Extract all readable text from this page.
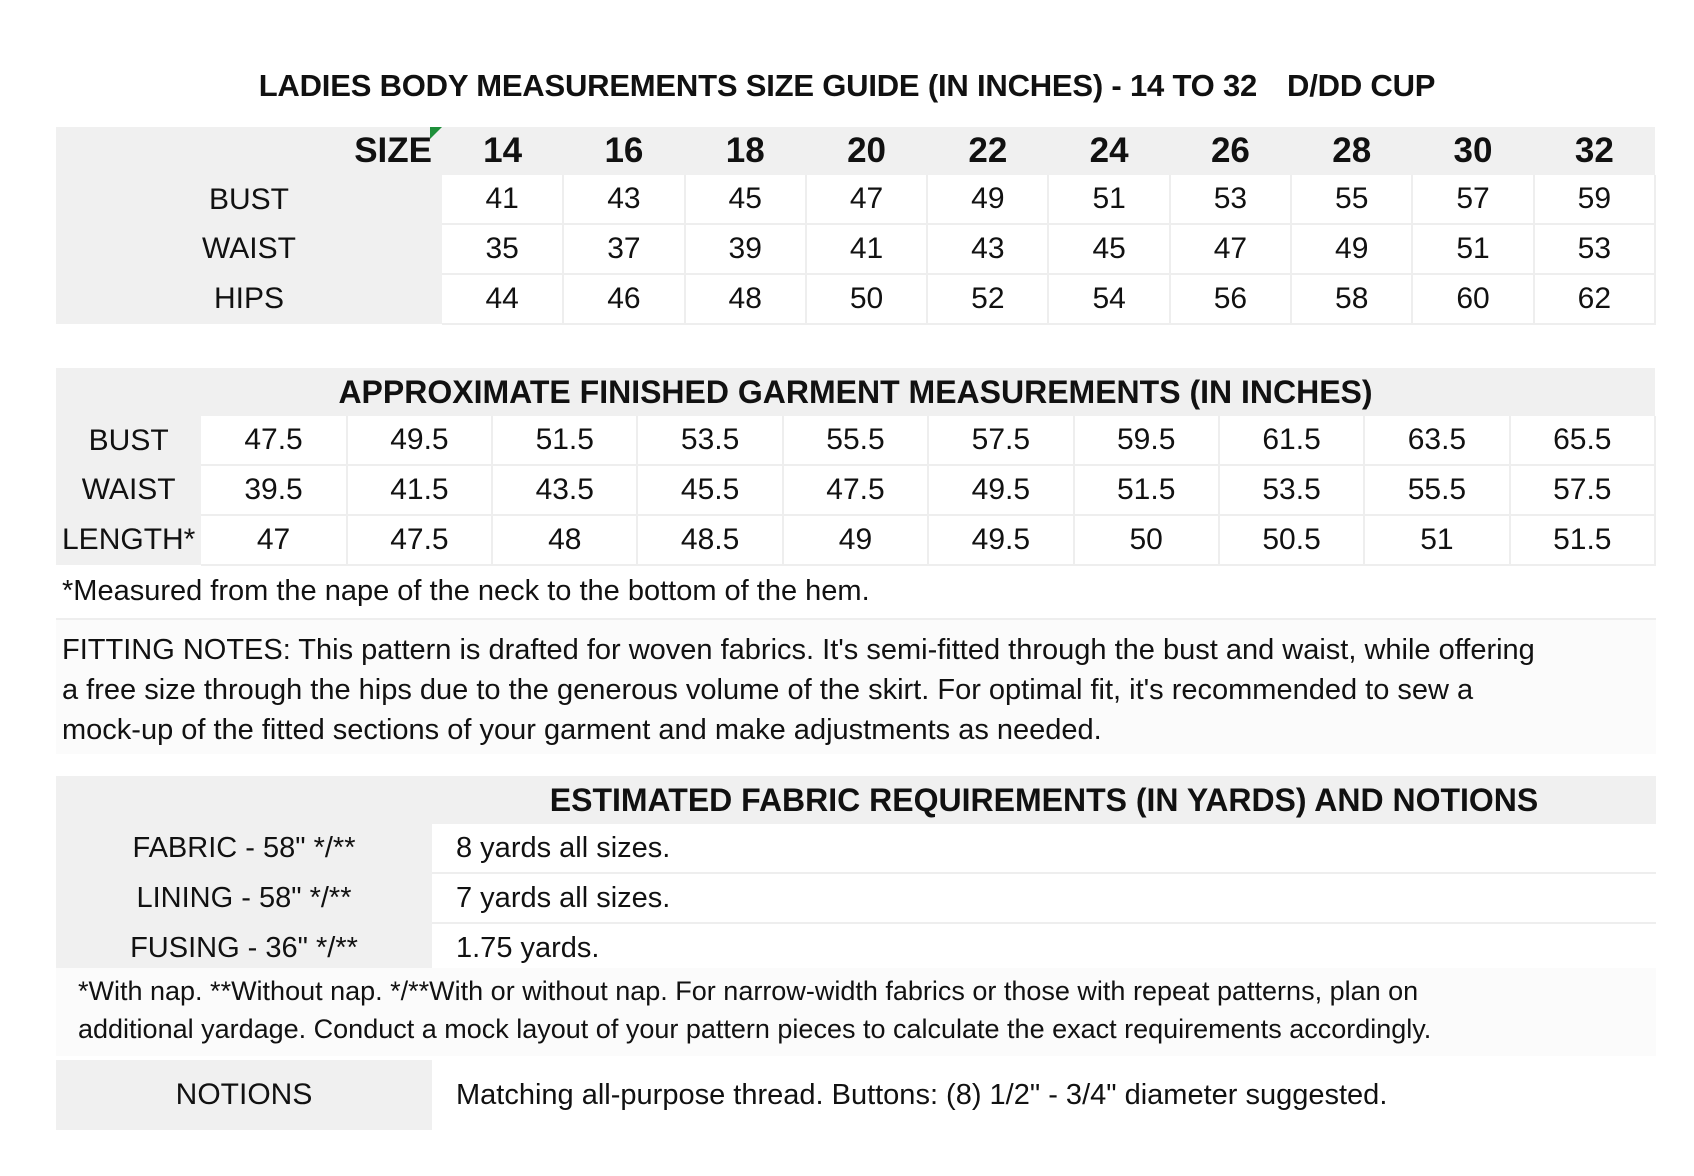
LADIES BODY MEASUREMENTS SIZE GUIDE (IN INCHES) - 14 TO 32 D/DD CUP
SIZE	14	16	18	20	22	24	26	28	30	32
BUST	41	43	45	47	49	51	53	55	57	59
WAIST	35	37	39	41	43	45	47	49	51	53
HIPS	44	46	48	50	52	54	56	58	60	62
APPROXIMATE FINISHED GARMENT MEASUREMENTS (IN INCHES)										
BUST	47.5	49.5	51.5	53.5	55.5	57.5	59.5	61.5	63.5	65.5
WAIST	39.5	41.5	43.5	45.5	47.5	49.5	51.5	53.5	55.5	57.5
LENGTH*	47	47.5	48	48.5	49	49.5	50	50.5	51	51.5
*Measured from the nape of the neck to the bottom of the hem.
FITTING NOTES: This pattern is drafted for woven fabrics. It's semi-fitted through the bust and waist, while offering
a free size through the hips due to the generous volume of the skirt. For optimal fit, it's recommended to sew a
mock-up of the fitted sections of your garment and make adjustments as needed.
	ESTIMATED FABRIC REQUIREMENTS (IN YARDS) AND NOTIONS
FABRIC - 58" */**	8 yards all sizes.
LINING - 58" */**	7 yards all sizes.
FUSING - 36" */**	1.75 yards.
*With nap. **Without nap. */**With or without nap. For narrow-width fabrics or those with repeat patterns, plan on
additional yardage. Conduct a mock layout of your pattern pieces to calculate the exact requirements accordingly.
NOTIONS	Matching all-purpose thread. Buttons: (8) 1/2" - 3/4" diameter suggested.
